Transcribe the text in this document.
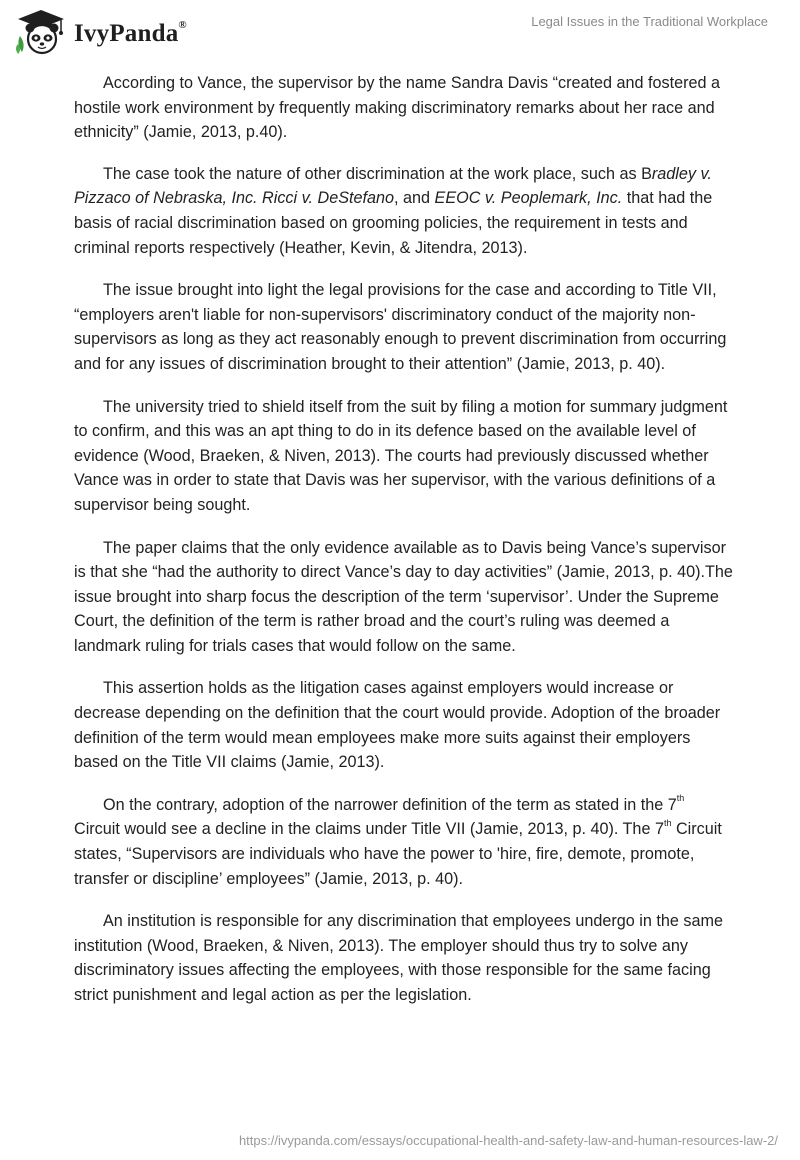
IvyPanda®	Legal Issues in the Traditional Workplace

According to Vance, the supervisor by the name Sandra Davis “created and fostered a hostile work environment by frequently making discriminatory remarks about her race and ethnicity” (Jamie, 2013, p.40).

The case took the nature of other discrimination at the work place, such as Bradley v. Pizzaco of Nebraska, Inc. Ricci v. DeStefano, and EEOC v. Peoplemark, Inc. that had the basis of racial discrimination based on grooming policies, the requirement in tests and criminal reports respectively (Heather, Kevin, & Jitendra, 2013).

The issue brought into light the legal provisions for the case and according to Title VII, “employers aren't liable for non-supervisors' discriminatory conduct of the majority non-supervisors as long as they act reasonably enough to prevent discrimination from occurring and for any issues of discrimination brought to their attention” (Jamie, 2013, p. 40).

The university tried to shield itself from the suit by filing a motion for summary judgment to confirm, and this was an apt thing to do in its defence based on the available level of evidence (Wood, Braeken, & Niven, 2013). The courts had previously discussed whether Vance was in order to state that Davis was her supervisor, with the various definitions of a supervisor being sought.

The paper claims that the only evidence available as to Davis being Vance’s supervisor is that she “had the authority to direct Vance’s day to day activities” (Jamie, 2013, p. 40).The issue brought into sharp focus the description of the term ‘supervisor’. Under the Supreme Court, the definition of the term is rather broad and the court’s ruling was deemed a landmark ruling for trials cases that would follow on the same.

This assertion holds as the litigation cases against employers would increase or decrease depending on the definition that the court would provide. Adoption of the broader definition of the term would mean employees make more suits against their employers based on the Title VII claims (Jamie, 2013).

On the contrary, adoption of the narrower definition of the term as stated in the 7th Circuit would see a decline in the claims under Title VII (Jamie, 2013, p. 40). The 7th Circuit states, “Supervisors are individuals who have the power to 'hire, fire, demote, promote, transfer or discipline’ employees” (Jamie, 2013, p. 40).

An institution is responsible for any discrimination that employees undergo in the same institution (Wood, Braeken, & Niven, 2013). The employer should thus try to solve any discriminatory issues affecting the employees, with those responsible for the same facing strict punishment and legal action as per the legislation.

https://ivypanda.com/essays/occupational-health-and-safety-law-and-human-resources-law-2/
